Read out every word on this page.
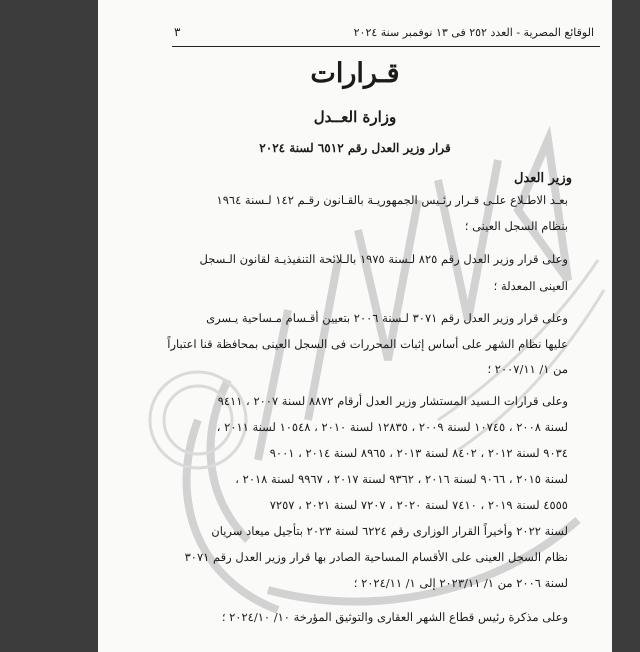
الوقائع المصرية - العدد ٢٥٢ فى ١٣ نوفمبر سنة ٢٠٢٤
٣
قـرارات
وزارة العــدل
قرار وزير العدل رقم ٦٥١٢ لسنة ٢٠٢٤
وزير العدل
بعـد الاطـلاع علـى قـرار رئـيس الجمهوريـة بالقـانون رقـم ١٤٢ لـسنة ١٩٦٤
بنظام السجل العينى ؛
وعلى قرار وزير العدل رقم ٨٢٥ لـسنة ١٩٧٥ بالـلائحة التنفيذيـة لقانون الـسجل
العينى المعدلة ؛
وعلى قرار وزير العدل رقم ٣٠٧١ لـسنة ٢٠٠٦ بتعيين أقـسام مـساحية يـسرى
عليها نظام الشهر على أساس إثبات المحررات فى السجل العينى بمحافظة قنا اعتباراً
من ١/ ٢٠٠٧/١١ ؛
وعلى قرارات الـسيد المستشار وزير العدل أرقام ٨٨٧٢ لسنة ٢٠٠٧ ، ٩٤١١
لسنة ٢٠٠٨ ، ١٠٧٤٥ لسنة ٢٠٠٩ ، ١٢٨٣٥ لسنة ٢٠١٠ ، ١٠٥٤٨ لسنة ٢٠١١ ،
٩٠٣٤ لسنة ٢٠١٢ ، ٨٤٠٢ لسنة ٢٠١٣ ، ٨٩٦٥ لسنة ٢٠١٤ ، ٩٠٠١
لسنة ٢٠١٥ ، ٩٠٦٦ لسنة ٢٠١٦ ، ٩٣٦٢ لسنة ٢٠١٧ ، ٩٩٦٧ لسنة ٢٠١٨ ،
٤٥٥٥ لسنة ٢٠١٩ ، ٧٤١٠ لسنة ٢٠٢٠ ، ٧٢٠٧ لسنة ٢٠٢١ ، ٧٢٥٧
لسنة ٢٠٢٢ وأخيراً القرار الوزارى رقم ٦٢٢٤ لسنة ٢٠٢٣ بتأجيل ميعاد سريان
نظام السجل العينى على الأقسام المساحية الصادر بها قرار وزير العدل رقم ٣٠٧١
لسنة ٢٠٠٦ من ١/ ٢٠٢٣/١١ إلى ١/ ٢٠٢٤/١١ ؛
وعلى مذكرة رئيس قطاع الشهر العقارى والتوثيق المؤرخة ١٠/ ٢٠٢٤/١٠ ؛
